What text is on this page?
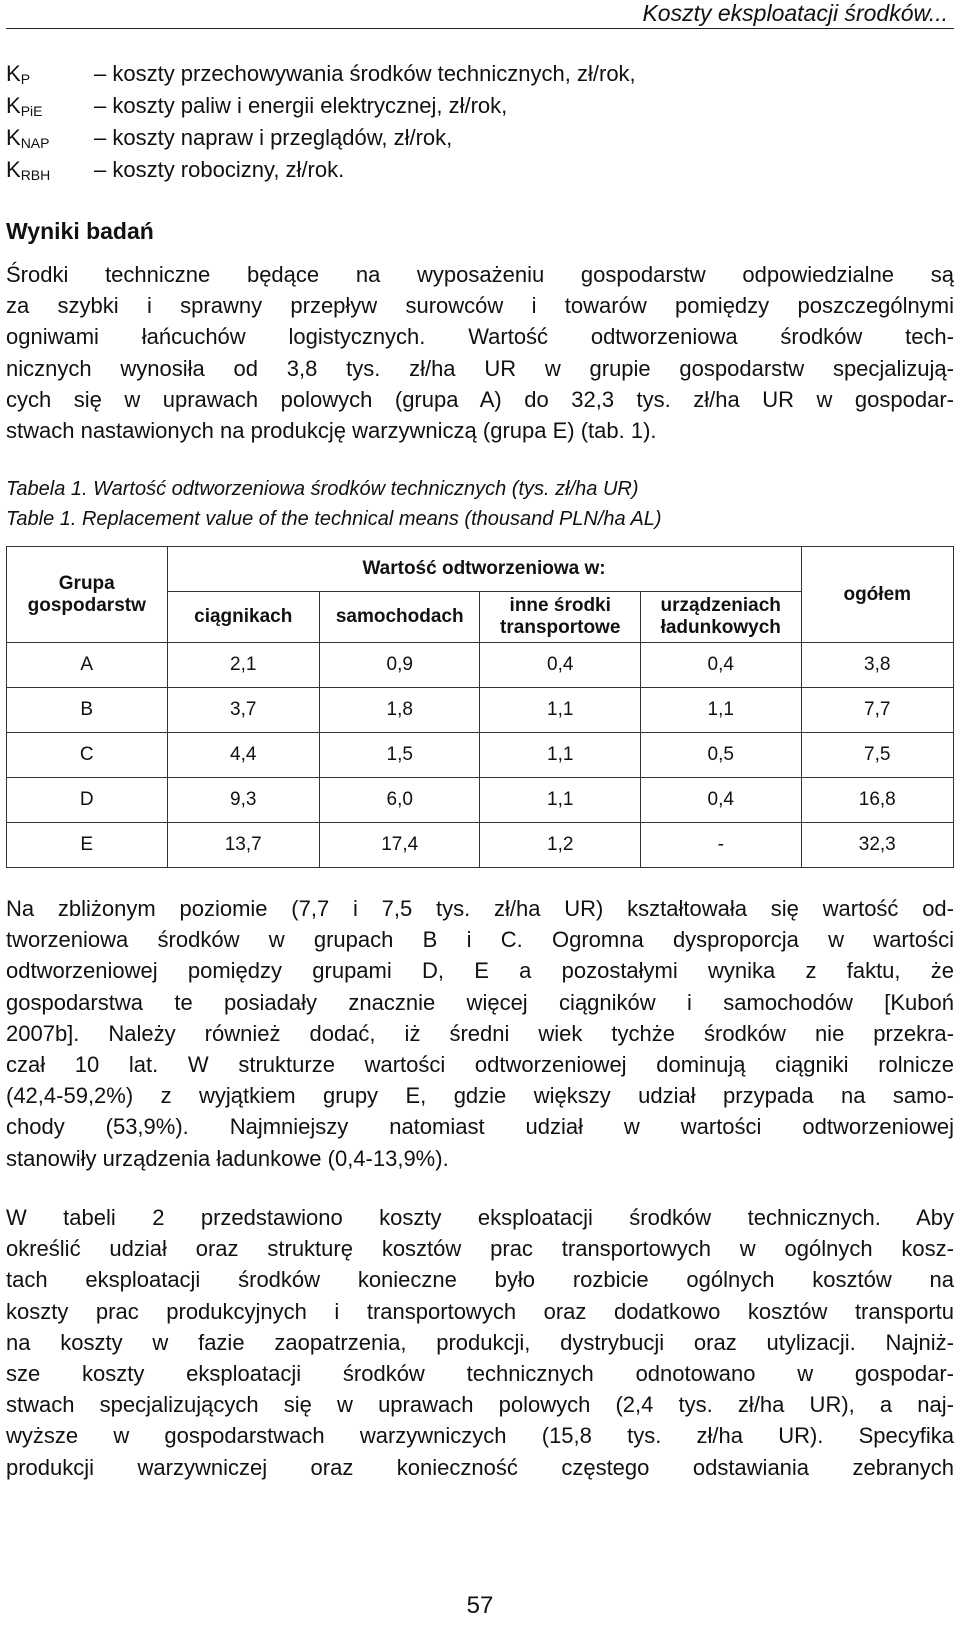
Koszty eksploatacji środków...
$K_P$	– koszty przechowywania środków technicznych, zł/rok,
$K_{PiE}$ – koszty paliw i energii elektrycznej, zł/rok,
$K_{NAP}$ – koszty napraw i przeglądów, zł/rok,
$K_{RBH}$ – koszty robocizny, zł/rok.
Wyniki badań
Środki techniczne będące na wyposażeniu gospodarstw odpowiedzialne są
za szybki i sprawny przepływ surowców i towarów pomiędzy poszczególnymi
ogniwami łańcuchów logistycznych. Wartość odtworzeniowa środków tech-
nicznych wynosiła od 3,8 tys. zł/ha UR w grupie gospodarstw specjalizują-
cych się w uprawach polowych (grupa A) do 32,3 tys. zł/ha UR w gospodar-
stwach nastawionych na produkcję warzywniczą (grupa E) (tab. 1).
Tabela 1. Wartość odtworzeniowa środków technicznych (tys. zł/ha UR)
Table 1. Replacement value of the technical means (thousand PLN/ha AL)
Grupa gospodarstw	Wartość odtworzeniowa w:				ogółem
	ciągnikach	samochodach	inne środki transportowe	urządzeniach ładunkowych	
A	2,1	0,9	0,4	0,4	3,8
B	3,7	1,8	1,1	1,1	7,7
C	4,4	1,5	1,1	0,5	7,5
D	9,3	6,0	1,1	0,4	16,8
E	13,7	17,4	1,2	-	32,3
Na zbliżonym poziomie (7,7 i 7,5 tys. zł/ha UR) kształtowała się wartość od-
tworzeniowa środków w grupach B i C. Ogromna dysproporcja w wartości
odtworzeniowej pomiędzy grupami D, E a pozostałymi wynika z faktu, że
gospodarstwa te posiadały znacznie więcej ciągników i samochodów [Kuboń
2007b]. Należy również dodać, iż średni wiek tychże środków nie przekra-
czał 10 lat. W strukturze wartości odtworzeniowej dominują ciągniki rolnicze
(42,4-59,2%) z wyjątkiem grupy E, gdzie większy udział przypada na samo-
chody (53,9%). Najmniejszy natomiast udział w wartości odtworzeniowej
stanowiły urządzenia ładunkowe (0,4-13,9%).
W tabeli 2 przedstawiono koszty eksploatacji środków technicznych. Aby
określić udział oraz strukturę kosztów prac transportowych w ogólnych kosz-
tach eksploatacji środków konieczne było rozbicie ogólnych kosztów na
koszty prac produkcyjnych i transportowych oraz dodatkowo kosztów transportu
na koszty w fazie zaopatrzenia, produkcji, dystrybucji oraz utylizacji. Najniż-
sze koszty eksploatacji środków technicznych odnotowano w gospodar-
stwach specjalizujących się w uprawach polowych (2,4 tys. zł/ha UR), a naj-
wyższe w gospodarstwach warzywniczych (15,8 tys. zł/ha UR). Specyfika
produkcji warzywniczej oraz konieczność częstego odstawiania zebranych
57
